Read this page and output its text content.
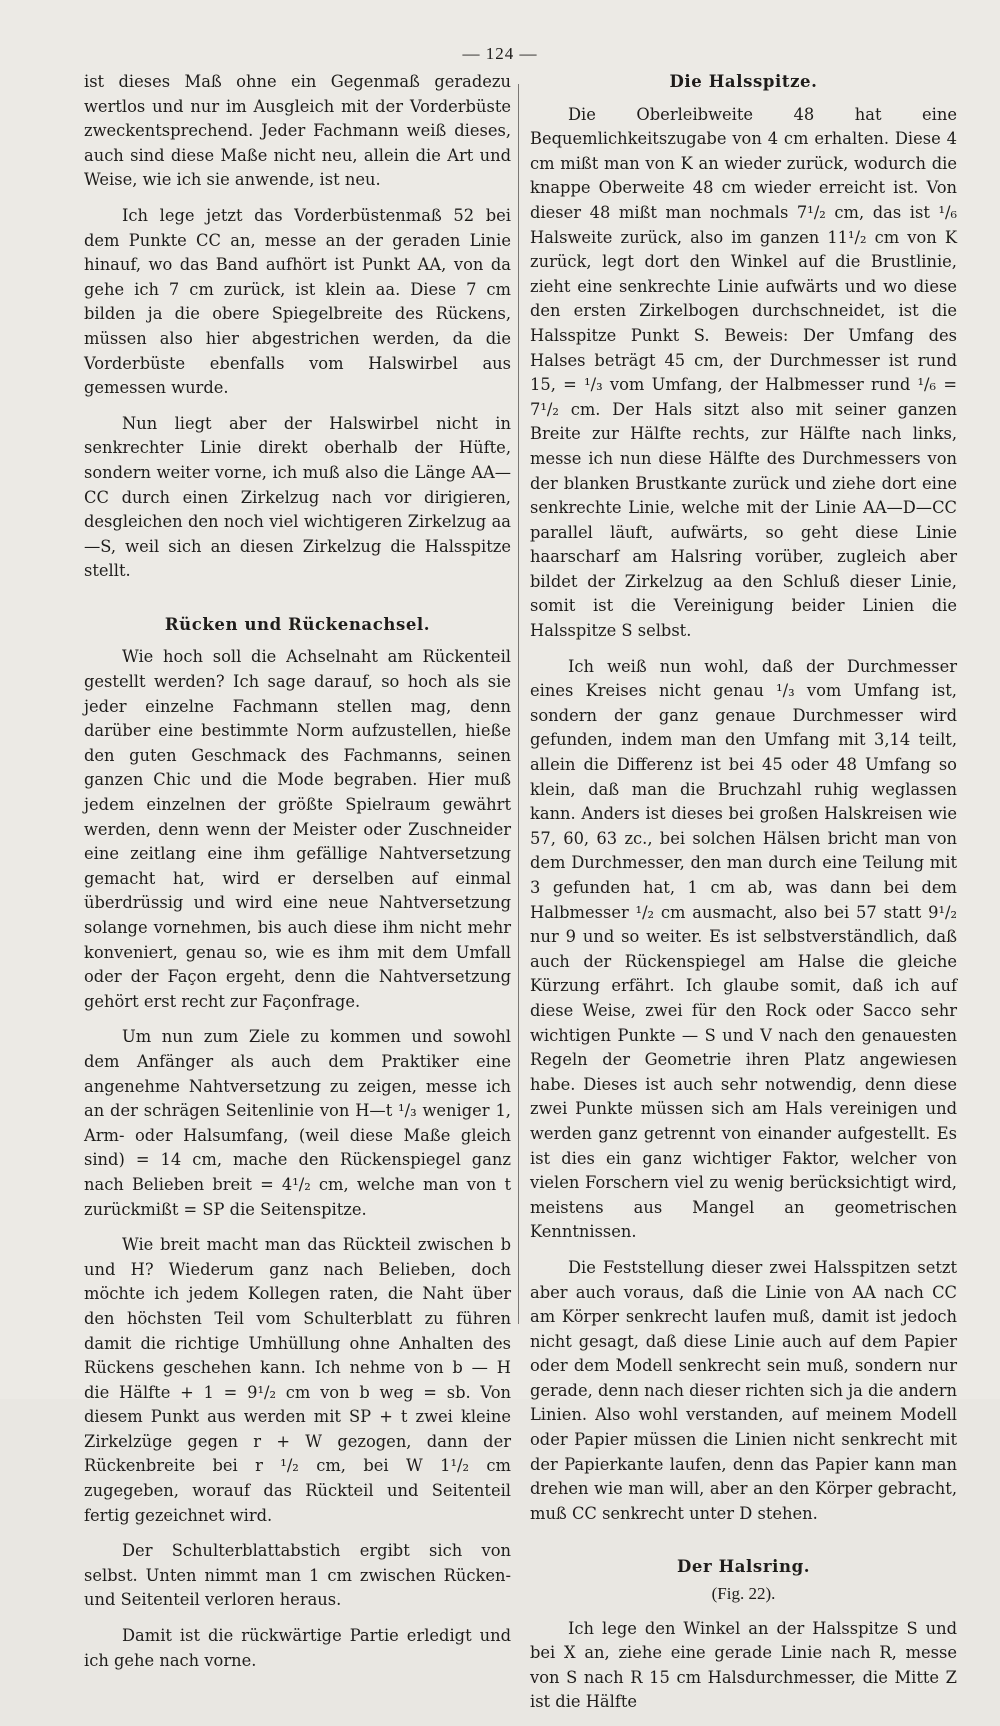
— 124 —

ist dieses Maß ohne ein Gegenmaß geradezu wertlos und nur im Ausgleich mit der Vorderbüste zweckentsprechend. Jeder Fachmann weiß dieses, auch sind diese Maße nicht neu, allein die Art und Weise, wie ich sie anwende, ist neu.

Ich lege jetzt das Vorderbüstenmaß 52 bei dem Punkte CC an, messe an der geraden Linie hinauf, wo das Band aufhört ist Punkt AA, von da gehe ich 7 cm zurück, ist klein aa. Diese 7 cm bilden ja die obere Spiegelbreite des Rückens, müssen also hier abgestrichen werden, da die Vorderbüste ebenfalls vom Halswirbel aus gemessen wurde.

Nun liegt aber der Halswirbel nicht in senkrechter Linie direkt oberhalb der Hüfte, sondern weiter vorne, ich muß also die Länge AA—CC durch einen Zirkelzug nach vor dirigieren, desgleichen den noch viel wichtigeren Zirkelzug aa—S, weil sich an diesen Zirkelzug die Halsspitze stellt.

Rücken und Rückenachsel.

Wie hoch soll die Achselnaht am Rückenteil gestellt werden? Ich sage darauf, so hoch als sie jeder einzelne Fachmann stellen mag, denn darüber eine bestimmte Norm aufzustellen, hieße den guten Geschmack des Fachmanns, seinen ganzen Chic und die Mode begraben. Hier muß jedem einzelnen der größte Spielraum gewährt werden, denn wenn der Meister oder Zuschneider eine zeitlang eine ihm gefällige Nahtversetzung gemacht hat, wird er derselben auf einmal überdrüssig und wird eine neue Nahtversetzung solange vornehmen, bis auch diese ihm nicht mehr konveniert, genau so, wie es ihm mit dem Umfall oder der Façon ergeht, denn die Nahtversetzung gehört erst recht zur Façonfrage.

Um nun zum Ziele zu kommen und sowohl dem Anfänger als auch dem Praktiker eine angenehme Nahtversetzung zu zeigen, messe ich an der schrägen Seitenlinie von H—t ¹/₃ weniger 1, Arm- oder Halsumfang, (weil diese Maße gleich sind) = 14 cm, mache den Rückenspiegel ganz nach Belieben breit = 4¹/₂ cm, welche man von t zurückmißt = SP die Seitenspitze.

Wie breit macht man das Rückteil zwischen b und H? Wiederum ganz nach Belieben, doch möchte ich jedem Kollegen raten, die Naht über den höchsten Teil vom Schulterblatt zu führen damit die richtige Umhüllung ohne Anhalten des Rückens geschehen kann. Ich nehme von b — H die Hälfte + 1 = 9¹/₂ cm von b weg = sb. Von diesem Punkt aus werden mit SP + t zwei kleine Zirkelzüge gegen r + W gezogen, dann der Rückenbreite bei r ¹/₂ cm, bei W 1¹/₂ cm zugegeben, worauf das Rückteil und Seitenteil fertig gezeichnet wird.

Der Schulterblattabstich ergibt sich von selbst. Unten nimmt man 1 cm zwischen Rücken- und Seitenteil verloren heraus.

Damit ist die rückwärtige Partie erledigt und ich gehe nach vorne.

Die Halsspitze.

Die Oberleibweite 48 hat eine Bequemlichkeitszugabe von 4 cm erhalten. Diese 4 cm mißt man von K an wieder zurück, wodurch die knappe Oberweite 48 cm wieder erreicht ist. Von dieser 48 mißt man nochmals 7¹/₂ cm, das ist ¹/₆ Halsweite zurück, also im ganzen 11¹/₂ cm von K zurück, legt dort den Winkel auf die Brustlinie, zieht eine senkrechte Linie aufwärts und wo diese den ersten Zirkelbogen durchschneidet, ist die Halsspitze Punkt S. Beweis: Der Umfang des Halses beträgt 45 cm, der Durchmesser ist rund 15, = ¹/₃ vom Umfang, der Halbmesser rund ¹/₆ = 7¹/₂ cm. Der Hals sitzt also mit seiner ganzen Breite zur Hälfte rechts, zur Hälfte nach links, messe ich nun diese Hälfte des Durchmessers von der blanken Brustkante zurück und ziehe dort eine senkrechte Linie, welche mit der Linie AA—D—CC parallel läuft, aufwärts, so geht diese Linie haarscharf am Halsring vorüber, zugleich aber bildet der Zirkelzug aa den Schluß dieser Linie, somit ist die Vereinigung beider Linien die Halsspitze S selbst.

Ich weiß nun wohl, daß der Durchmesser eines Kreises nicht genau ¹/₃ vom Umfang ist, sondern der ganz genaue Durchmesser wird gefunden, indem man den Umfang mit 3,14 teilt, allein die Differenz ist bei 45 oder 48 Umfang so klein, daß man die Bruchzahl ruhig weglassen kann. Anders ist dieses bei großen Halskreisen wie 57, 60, 63 zc., bei solchen Hälsen bricht man von dem Durchmesser, den man durch eine Teilung mit 3 gefunden hat, 1 cm ab, was dann bei dem Halbmesser ¹/₂ cm ausmacht, also bei 57 statt 9¹/₂ nur 9 und so weiter. Es ist selbstverständlich, daß auch der Rückenspiegel am Halse die gleiche Kürzung erfährt. Ich glaube somit, daß ich auf diese Weise, zwei für den Rock oder Sacco sehr wichtigen Punkte — S und V nach den genauesten Regeln der Geometrie ihren Platz angewiesen habe. Dieses ist auch sehr notwendig, denn diese zwei Punkte müssen sich am Hals vereinigen und werden ganz getrennt von einander aufgestellt. Es ist dies ein ganz wichtiger Faktor, welcher von vielen Forschern viel zu wenig berücksichtigt wird, meistens aus Mangel an geometrischen Kenntnissen.

Die Feststellung dieser zwei Halsspitzen setzt aber auch voraus, daß die Linie von AA nach CC am Körper senkrecht laufen muß, damit ist jedoch nicht gesagt, daß diese Linie auch auf dem Papier oder dem Modell senkrecht sein muß, sondern nur gerade, denn nach dieser richten sich ja die andern Linien. Also wohl verstanden, auf meinem Modell oder Papier müssen die Linien nicht senkrecht mit der Papierkante laufen, denn das Papier kann man drehen wie man will, aber an den Körper gebracht, muß CC senkrecht unter D stehen.

Der Halsring.
(Fig. 22).

Ich lege den Winkel an der Halsspitze S und bei X an, ziehe eine gerade Linie nach R, messe von S nach R 15 cm Halsdurchmesser, die Mitte Z ist die Hälfte
